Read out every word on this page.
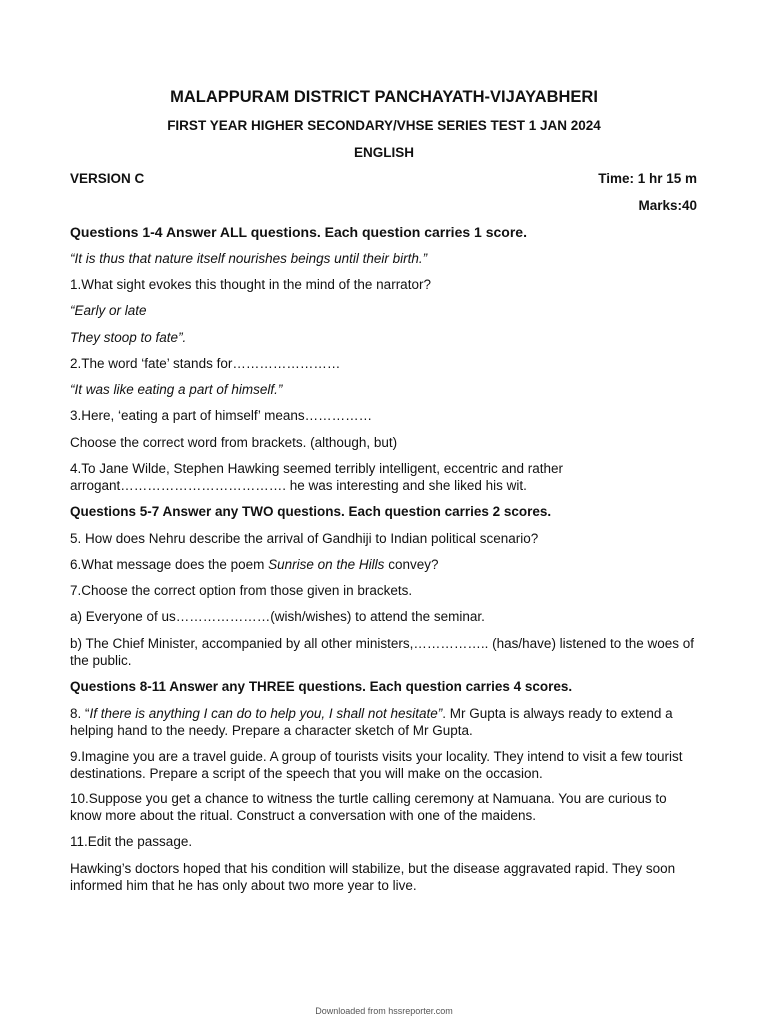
MALAPPURAM DISTRICT PANCHAYATH-VIJAYABHERI
FIRST YEAR HIGHER SECONDARY/VHSE SERIES TEST 1 JAN 2024
ENGLISH
VERSION C	Time: 1 hr 15 m
Marks:40
Questions 1-4 Answer ALL questions. Each question carries 1 score.
“It is thus that nature itself nourishes beings until their birth.”
1.What sight evokes this thought in the mind of the narrator?
“Early or late
They stoop to fate”.
2.The word ‘fate’ stands for……………………
“It was like eating a part of himself.”
3.Here, ‘eating a part of himself’ means……………
Choose the correct word from brackets. (although, but)
4.To Jane Wilde, Stephen Hawking seemed terribly intelligent, eccentric and rather arrogant………………………………. he was interesting and she liked his wit.
Questions 5-7 Answer any TWO questions. Each question carries 2 scores.
5. How does Nehru describe the arrival of Gandhiji to Indian political scenario?
6.What message does the poem Sunrise on the Hills convey?
7.Choose the correct option from those given in brackets.
a) Everyone of us…………………(wish/wishes) to attend the seminar.
b) The Chief Minister, accompanied by all other ministers,…………….. (has/have) listened to the woes of the public.
Questions 8-11 Answer any THREE questions. Each question carries 4 scores.
8. “If there is anything I can do to help you, I shall not hesitate”. Mr Gupta is always ready to extend a helping hand to the needy. Prepare a character sketch of Mr Gupta.
9.Imagine you are a travel guide. A group of tourists visits your locality. They intend to visit a few tourist destinations. Prepare a script of the speech that you will make on the occasion.
10.Suppose you get a chance to witness the turtle calling ceremony at Namuana. You are curious to know more about the ritual. Construct a conversation with one of the maidens.
11.Edit the passage.
Hawking’s doctors hoped that his condition will stabilize, but the disease aggravated rapid. They soon informed him that he has only about two more year to live.
Downloaded from hssreporter.com
